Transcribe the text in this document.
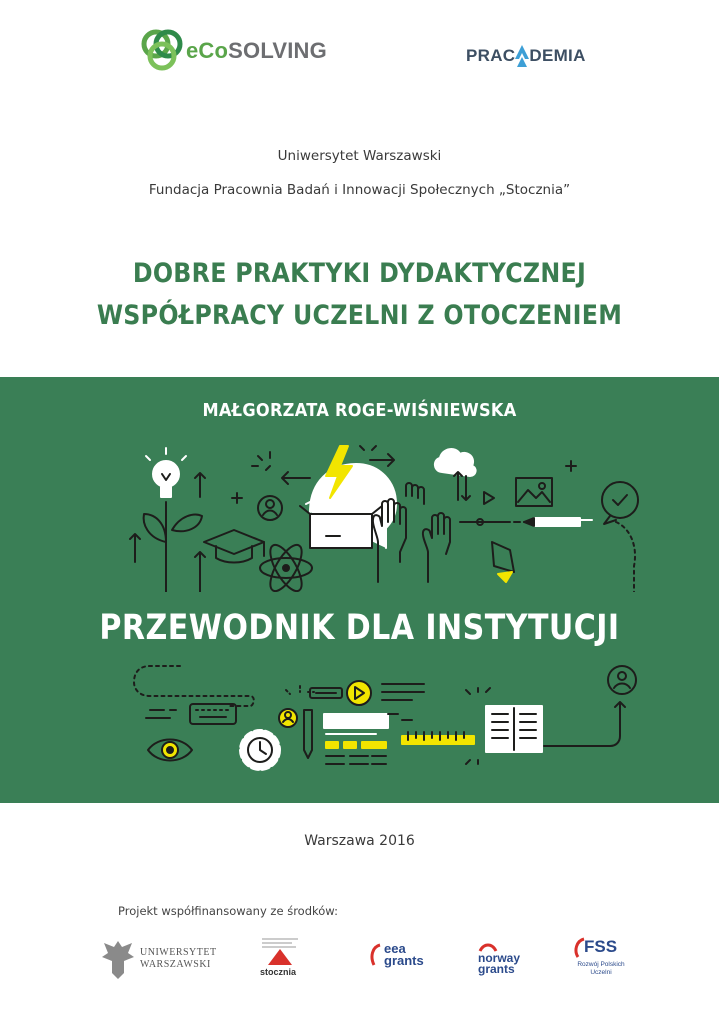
eCoSOLVING	PRAC DEMIA
Uniwersytet Warszawski
Fundacja Pracownia Badań i Innowacji Społecznych „Stocznia”
DOBRE PRAKTYKI DYDAKTYCZNEJ
WSPÓŁPRACY UCZELNI Z OTOCZENIEM
MAŁGORZATA ROGE-WIŚNIEWSKA
PRZEWODNIK DLA INSTYTUCJI
Warszawa 2016
Projekt współfinansowany ze środków:
UNIWERSYTET
WARSZAWSKI
stocznia
eea
grants	norway
grants
FSS
Rozwój Polskich
Uczelni
